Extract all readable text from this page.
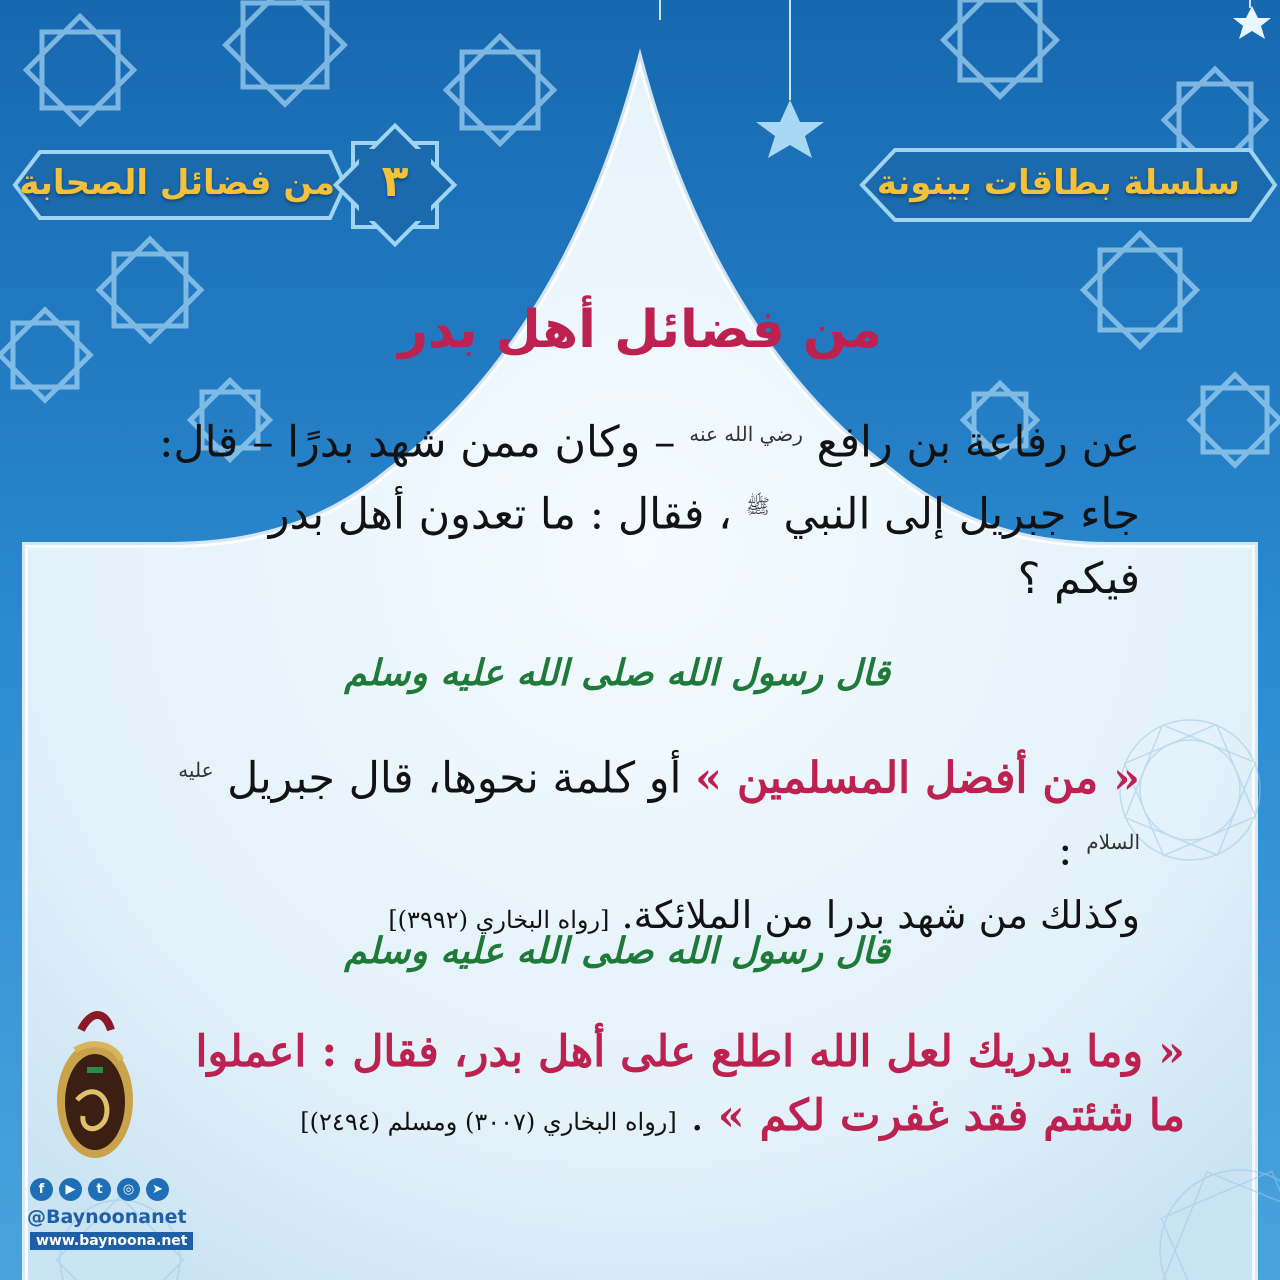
سلسلة بطاقات بينونة
من فضائل الصحابة	٣
من فضائل أهل بدر
عن رفاعة بن رافع $^{رضي الله عنه}$ – وكان ممن شهد بدرًا – قال:
جاء جبريل إلى النبي $^ﷺ$ ، فقال : ما تعدون أهل بدر
فيكم ؟
قال رسول الله صلى الله عليه وسلم
« من أفضل المسلمين » أو كلمة نحوها، قال جبريل $^{عليه السلام}$ :
وكذلك من شهد بدرا من الملائكة. [رواه البخاري (٣٩٩٢)]
قال رسول الله صلى الله عليه وسلم
« وما يدريك لعل الله اطلع على أهل بدر، فقال : اعملوا
ما شئتم فقد غفرت لكم » . [رواه البخاري (٣٠٠٧) ومسلم (٢٤٩٤)]
f	▶	t	◎	➤
@Baynoonanet
www.baynoona.net
